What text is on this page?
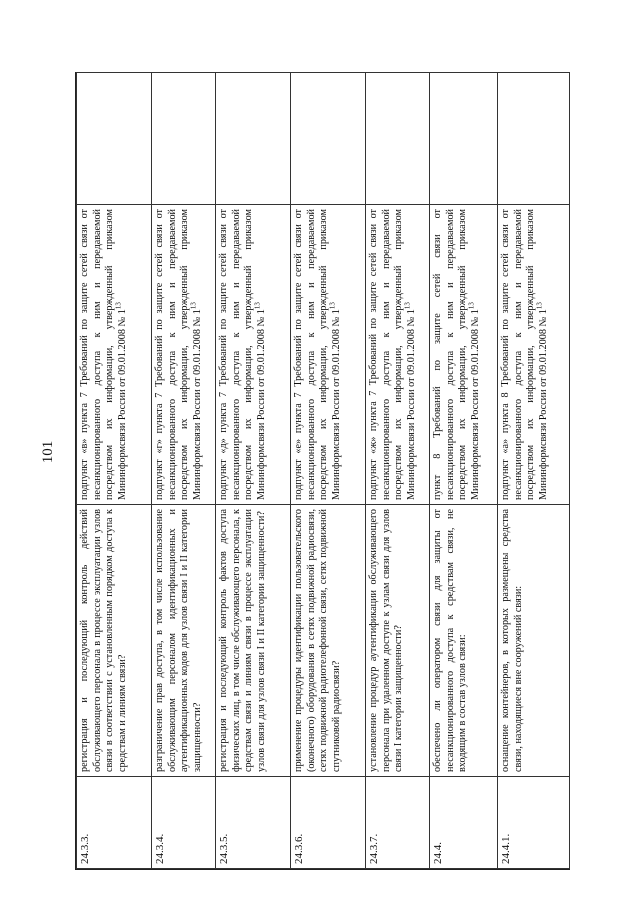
101
24.3.3.	регистрация и последующий контроль действий обслуживающего персонала в процессе эксплуатации узлов связи в соответствии с установленным порядком доступа к средствам и линиям связи?	подпункт «в» пункта 7 Требований по защите сетей связи от несанкционированного доступа к ним и передаваемой посредством их информации, утвержденный приказом Мининформсвязи России от 09.01.2008 № $1^{13}$	
24.3.4.	разграничение прав доступа, в том числе использование обслуживающим персоналом идентификационных и аутентификационных кодов для узлов связи I и II категории защищенности?	подпункт «г» пункта 7 Требований по защите сетей связи от несанкционированного доступа к ним и передаваемой посредством их информации, утвержденный приказом Мининформсвязи России от 09.01.2008 № $1^{13}$	
24.3.5.	регистрация и последующий контроль фактов доступа физических лиц, в том числе обслуживающего персонала, к средствам связи и линиям связи в процессе эксплуатации узлов связи для узлов связи I и II категории защищенности?	подпункт «д» пункта 7 Требований по защите сетей связи от несанкционированного доступа к ним и передаваемой посредством их информации, утвержденный приказом Мининформсвязи России от 09.01.2008 № $1^{13}$	
24.3.6.	применение процедуры идентификации пользовательского (оконечного) оборудования в сетях подвижной радиосвязи, сетях подвижной радиотелефонной связи, сетях подвижной спутниковой радиосвязи?	подпункт «е» пункта 7 Требований по защите сетей связи от несанкционированного доступа к ним и передаваемой посредством их информации, утвержденный приказом Мининформсвязи России от 09.01.2008 № $1^{13}$	
24.3.7.	установление процедур аутентификации обслуживающего персонала при удаленном доступе к узлам связи для узлов связи I категории защищенности?	подпункт «ж» пункта 7 Требований по защите сетей связи от несанкционированного доступа к ним и передаваемой посредством их информации, утвержденный приказом Мининформсвязи России от 09.01.2008 № $1^{13}$	
24.4.	обеспечено ли оператором связи для защиты от несанкционированного доступа к средствам связи, не входящим в состав узлов связи:	пункт 8 Требований по защите сетей связи от несанкционированного доступа к ним и передаваемой посредством их информации, утвержденный приказом Мининформсвязи России от 09.01.2008 № $1^{13}$	
24.4.1.	оснащение контейнеров, в которых размещены средства связи, находящиеся вне сооружений связи:	подпункт «а» пункта 8 Требований по защите сетей связи от несанкционированного доступа к ним и передаваемой посредством их информации, утвержденный приказом Мининформсвязи России от 09.01.2008 № $1^{13}$	
